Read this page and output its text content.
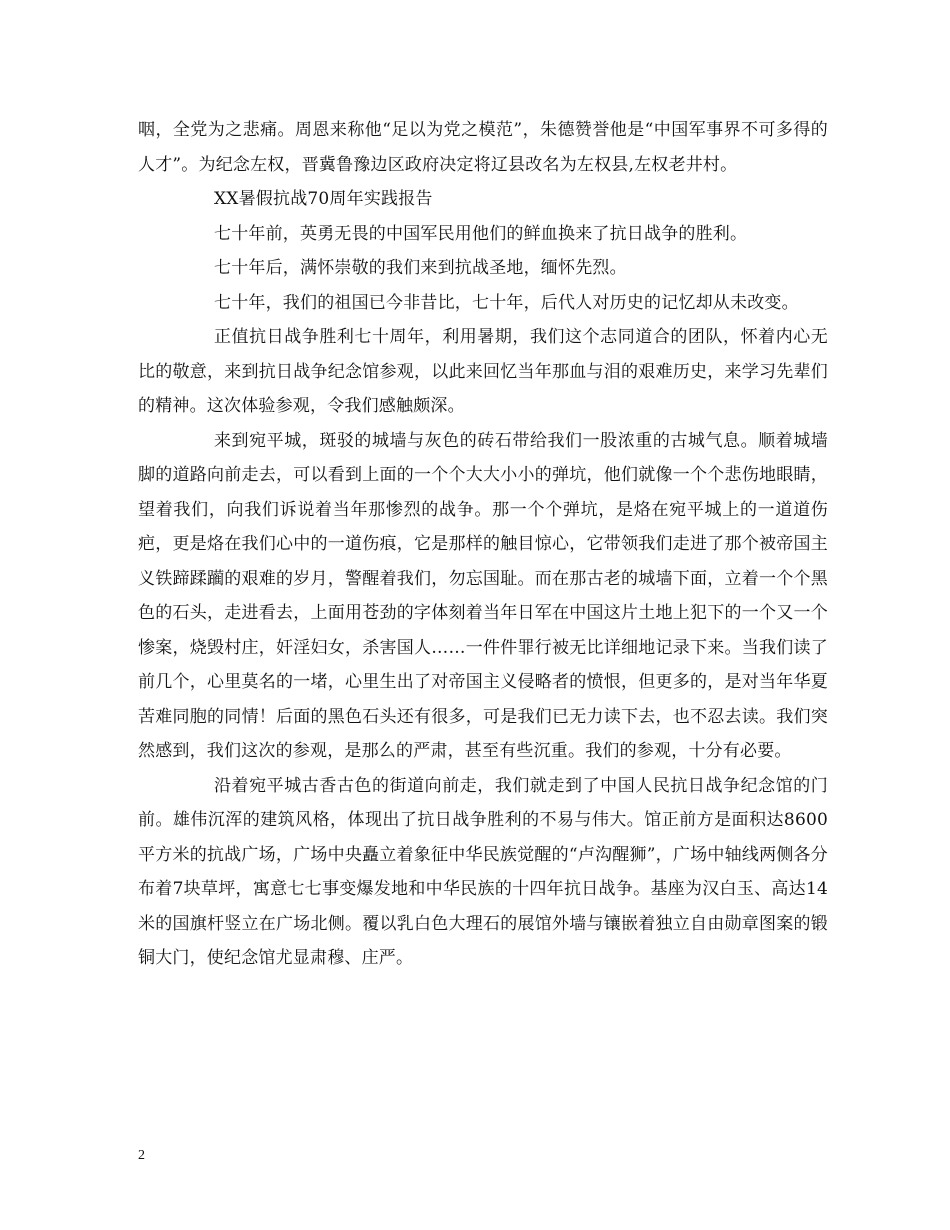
咽，全党为之悲痛。周恩来称他“足以为党之模范”，朱德赞誉他是“中国军事界不可多得的人才”。为纪念左权，晋冀鲁豫边区政府决定将辽县改名为左权县,左权老井村。

XX暑假抗战70周年实践报告

七十年前，英勇无畏的中国军民用他们的鲜血换来了抗日战争的胜利。

七十年后，满怀崇敬的我们来到抗战圣地，缅怀先烈。

七十年，我们的祖国已今非昔比，七十年，后代人对历史的记忆却从未改变。

正值抗日战争胜利七十周年，利用暑期，我们这个志同道合的团队，怀着内心无比的敬意，来到抗日战争纪念馆参观，以此来回忆当年那血与泪的艰难历史，来学习先辈们的精神。这次体验参观，令我们感触颇深。

来到宛平城，斑驳的城墙与灰色的砖石带给我们一股浓重的古城气息。顺着城墙脚的道路向前走去，可以看到上面的一个个大大小小的弹坑，他们就像一个个悲伤地眼睛，望着我们，向我们诉说着当年那惨烈的战争。那一个个弹坑，是烙在宛平城上的一道道伤疤，更是烙在我们心中的一道伤痕，它是那样的触目惊心，它带领我们走进了那个被帝国主义铁蹄蹂躏的艰难的岁月，警醒着我们，勿忘国耻。而在那古老的城墙下面，立着一个个黑色的石头，走进看去，上面用苍劲的字体刻着当年日军在中国这片土地上犯下的一个又一个惨案，烧毁村庄，奸淫妇女，杀害国人……一件件罪行被无比详细地记录下来。当我们读了前几个，心里莫名的一堵，心里生出了对帝国主义侵略者的愤恨，但更多的，是对当年华夏苦难同胞的同情！后面的黑色石头还有很多，可是我们已无力读下去，也不忍去读。我们突然感到，我们这次的参观，是那么的严肃，甚至有些沉重。我们的参观，十分有必要。

沿着宛平城古香古色的街道向前走，我们就走到了中国人民抗日战争纪念馆的门前。雄伟沉浑的建筑风格，体现出了抗日战争胜利的不易与伟大。馆正前方是面积达8600平方米的抗战广场，广场中央矗立着象征中华民族觉醒的“卢沟醒狮”，广场中轴线两侧各分布着7块草坪，寓意七七事变爆发地和中华民族的十四年抗日战争。基座为汉白玉、高达14米的国旗杆竖立在广场北侧。覆以乳白色大理石的展馆外墙与镶嵌着独立自由勋章图案的锻铜大门，使纪念馆尤显肃穆、庄严。

2
